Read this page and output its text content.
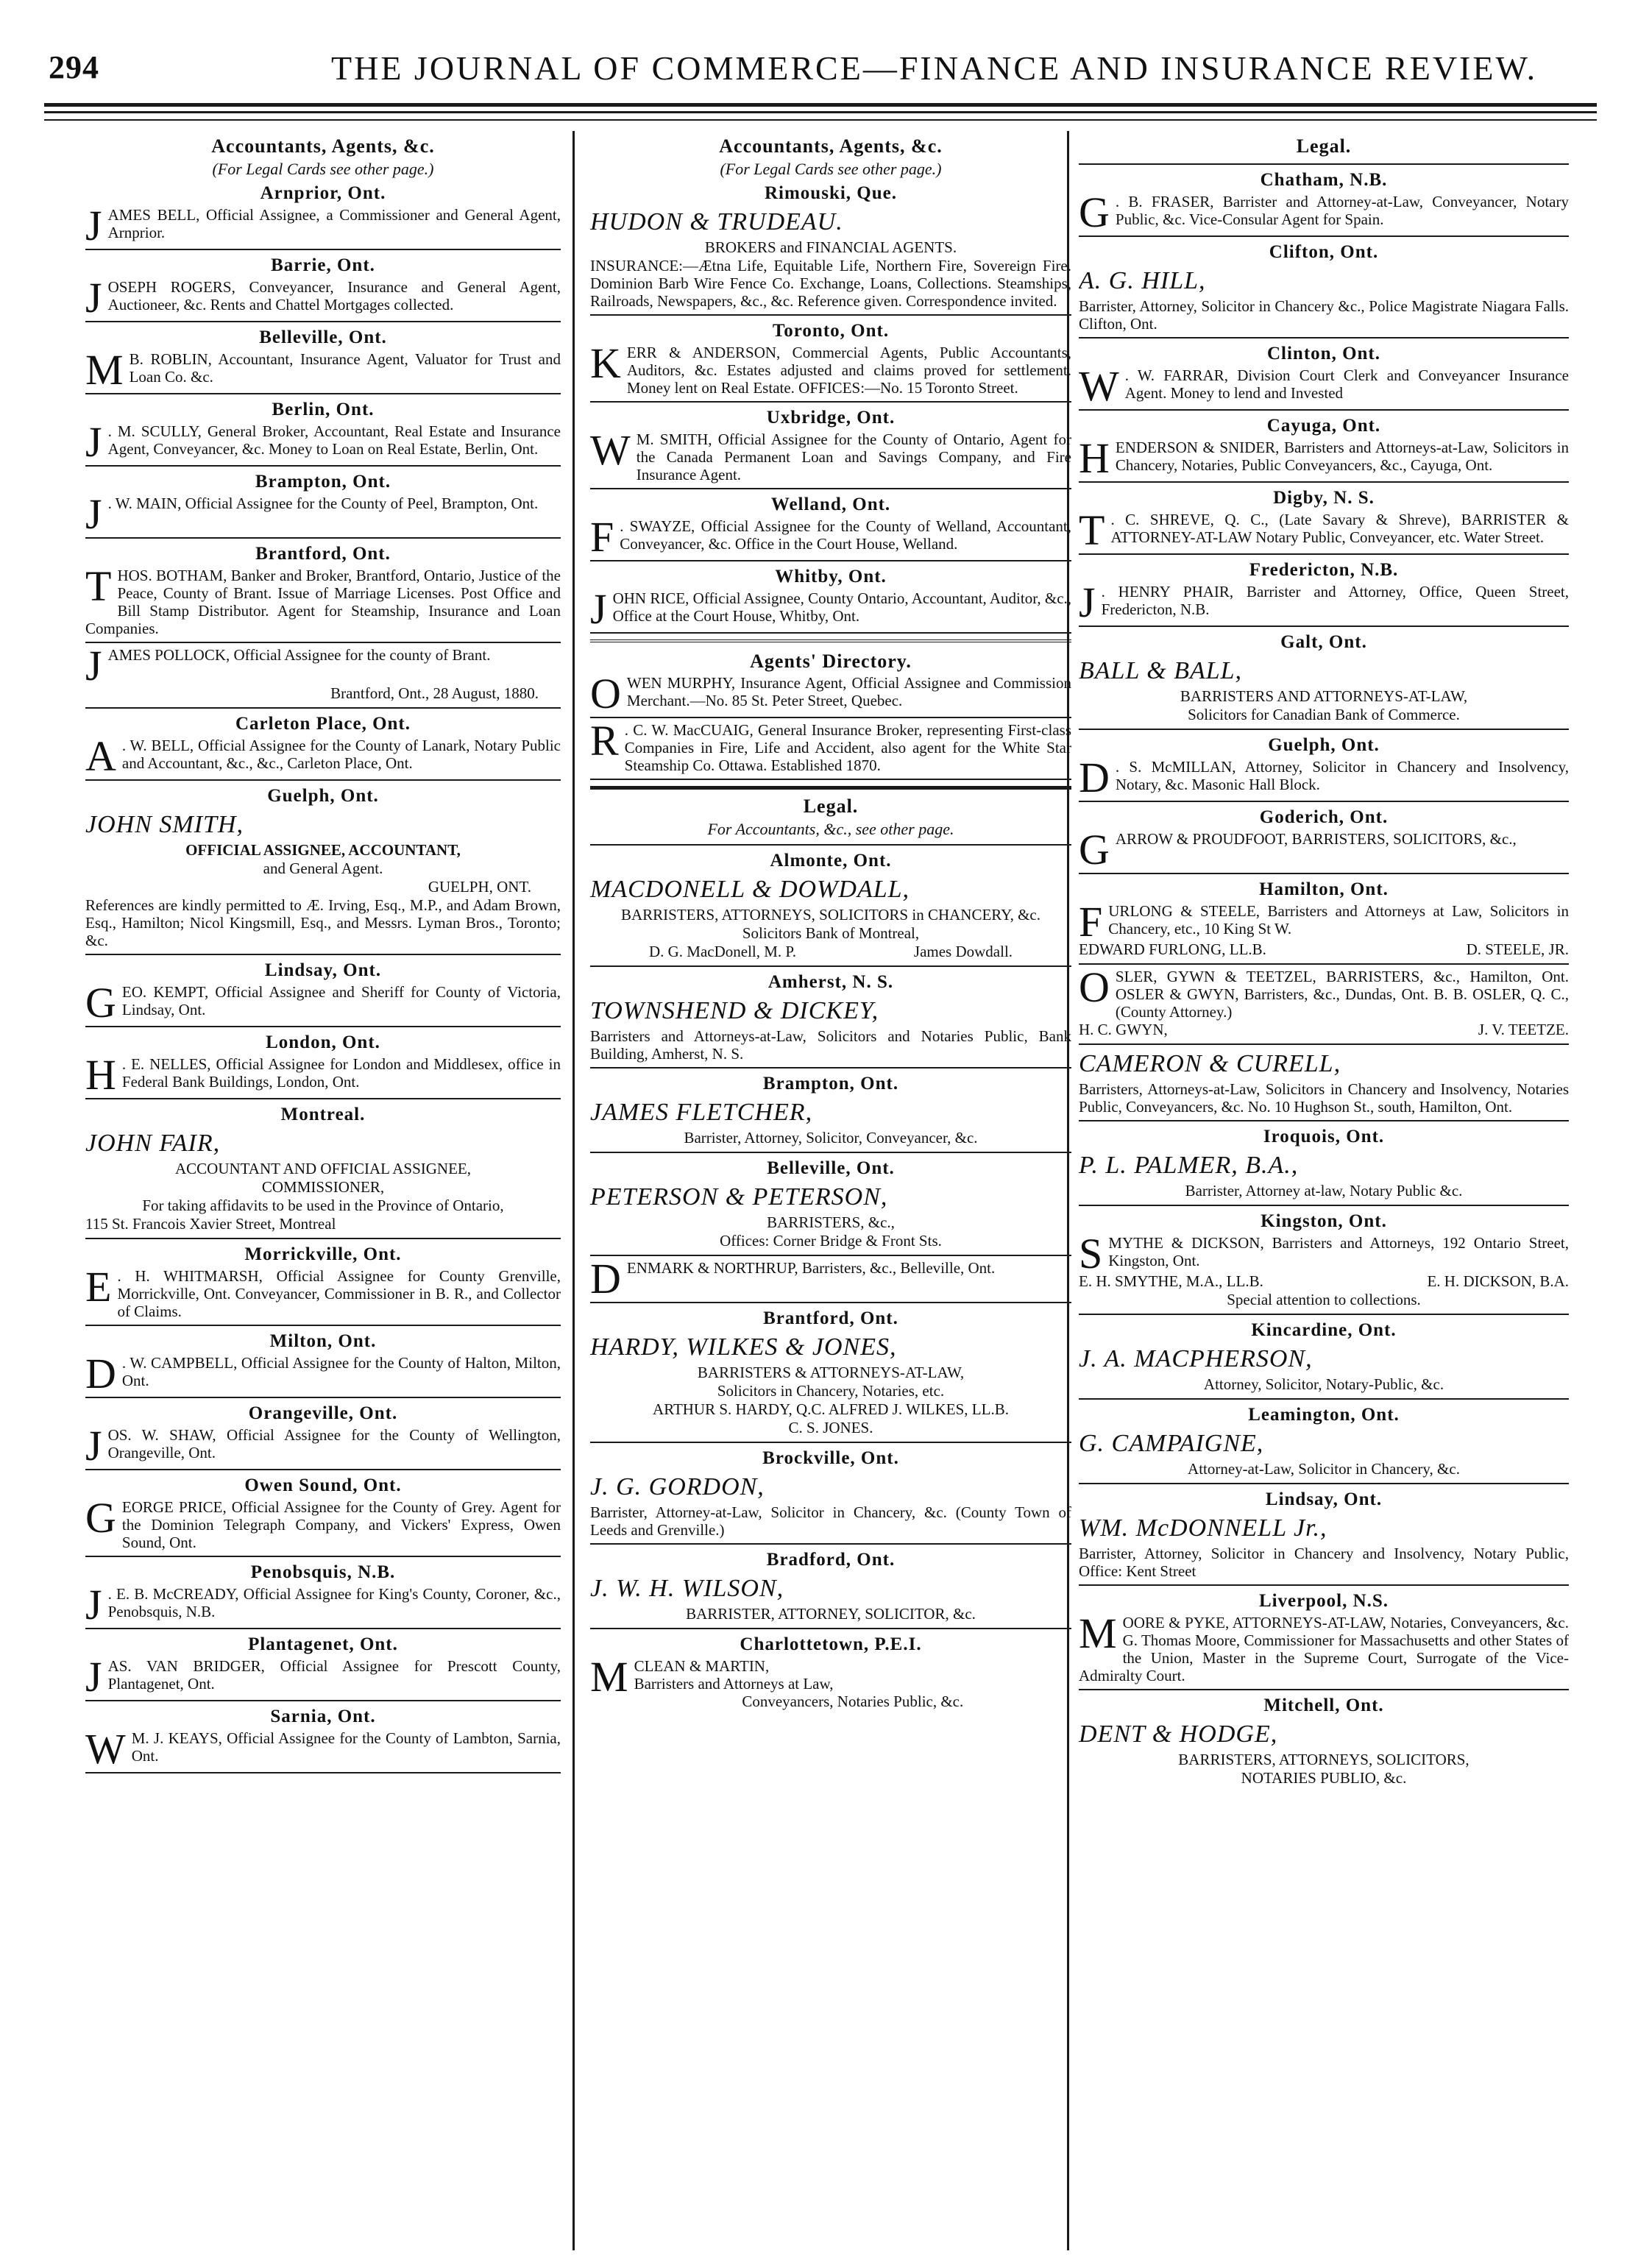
294	THE JOURNAL OF COMMERCE—FINANCE AND INSURANCE REVIEW.
Accountants, Agents, &c.
(For Legal Cards see other page.)
Arnprior, Ont.
JAMES BELL, Official Assignee, a Commissioner and General Agent, Arnprior.
Barrie, Ont.
JOSEPH ROGERS, Conveyancer, Insurance and General Agent, Auctioneer, &c. Rents and Chattel Mortgages collected.
Belleville, Ont.
M B. ROBLIN, Accountant, Insurance Agent, Valuator for Trust and Loan Co. &c.
Berlin, Ont.
J . M. SCULLY, General Broker, Accountant, Real Estate and Insurance Agent, Conveyancer, &c. Money to Loan on Real Estate, Berlin, Ont.
Brampton, Ont.
J . W. MAIN, Official Assignee for the County of Peel, Brampton, Ont.
Brantford, Ont.
THOS. BOTHAM, Banker and Broker, Brantford, Ontario, Justice of the Peace, County of Brant. Issue of Marriage Licenses. Post Office and Bill Stamp Distributor. Agent for Steamship, Insurance and Loan Companies.
JAMES POLLOCK, Official Assignee for the county of Brant.
Brantford, Ont., 28 August, 1880.
Carleton Place, Ont.
A . W. BELL, Official Assignee for the County of Lanark, Notary Public and Accountant, &c., &c., Carleton Place, Ont.
Guelph, Ont.
JOHN SMITH,
OFFICIAL ASSIGNEE, ACCOUNTANT,
and General Agent.
GUELPH, ONT.
References are kindly permitted to Æ. Irving, Esq., M.P., and Adam Brown, Esq., Hamilton; Nicol Kingsmill, Esq., and Messrs. Lyman Bros., Toronto; &c.
Lindsay, Ont.
GEO. KEMPT, Official Assignee and Sheriff for County of Victoria, Lindsay, Ont.
London, Ont.
H . E. NELLES, Official Assignee for London and Middlesex, office in Federal Bank Buildings, London, Ont.
Montreal.
JOHN FAIR,
ACCOUNTANT AND OFFICIAL ASSIGNEE,
COMMISSIONER,
For taking affidavits to be used in the Province of Ontario,
115 St. Francois Xavier Street, Montreal
Morrickville, Ont.
E . H. WHITMARSH, Official Assignee for County Grenville, Morrickville, Ont. Conveyancer, Commissioner in B. R., and Collector of Claims.
Milton, Ont.
D . W. CAMPBELL, Official Assignee for the County of Halton, Milton, Ont.
Orangeville, Ont.
JOS. W. SHAW, Official Assignee for the County of Wellington, Orangeville, Ont.
Owen Sound, Ont.
GEORGE PRICE, Official Assignee for the County of Grey. Agent for the Dominion Telegraph Company, and Vickers' Express, Owen Sound, Ont.
Penobsquis, N.B.
J . E. B. McCREADY, Official Assignee for King's County, Coroner, &c., Penobsquis, N.B.
Plantagenet, Ont.
JAS. VAN BRIDGER, Official Assignee for Prescott County, Plantagenet, Ont.
Sarnia, Ont.
W M. J. KEAYS, Official Assignee for the County of Lambton, Sarnia, Ont.
Accountants, Agents, &c.
(For Legal Cards see other page.)
Rimouski, Que.
HUDON & TRUDEAU.
BROKERS and FINANCIAL AGENTS.
INSURANCE:—Ætna Life, Equitable Life, Northern Fire, Sovereign Fire. Dominion Barb Wire Fence Co. Exchange, Loans, Collections. Steamships, Railroads, Newspapers, &c., &c. Reference given. Correspondence invited.
Toronto, Ont.
KERR & ANDERSON, Commercial Agents, Public Accountants, Auditors, &c. Estates adjusted and claims proved for settlement. Money lent on Real Estate. OFFICES:—No. 15 Toronto Street.
Uxbridge, Ont.
W M. SMITH, Official Assignee for the County of Ontario, Agent for the Canada Permanent Loan and Savings Company, and Fire Insurance Agent.
Welland, Ont.
F . SWAYZE, Official Assignee for the County of Welland, Accountant, Conveyancer, &c. Office in the Court House, Welland.
Whitby, Ont.
JOHN RICE, Official Assignee, County Ontario, Accountant, Auditor, &c., Office at the Court House, Whitby, Ont.
Agents' Directory.
OWEN MURPHY, Insurance Agent, Official Assignee and Commission Merchant.—No. 85 St. Peter Street, Quebec.
R . C. W. MacCUAIG, General Insurance Broker, representing First-class Companies in Fire, Life and Accident, also agent for the White Star Steamship Co. Ottawa. Established 1870.
Legal.
For Accountants, &c., see other page.
Almonte, Ont.
MACDONELL & DOWDALL,
BARRISTERS, ATTORNEYS, SOLICITORS in CHANCERY, &c. Solicitors Bank of Montreal,
D. G. MacDonell, M. P.	James Dowdall.
Amherst, N. S.
TOWNSHEND & DICKEY,
Barristers and Attorneys-at-Law, Solicitors and Notaries Public, Bank Building, Amherst, N. S.
Brampton, Ont.
JAMES FLETCHER,
Barrister, Attorney, Solicitor, Conveyancer, &c.
Belleville, Ont.
PETERSON & PETERSON,
BARRISTERS, &c.,
Offices: Corner Bridge & Front Sts.
DENMARK & NORTHRUP, Barristers, &c., Belleville, Ont.
Brantford, Ont.
HARDY, WILKES & JONES,
BARRISTERS & ATTORNEYS-AT-LAW,
Solicitors in Chancery, Notaries, etc.
ARTHUR S. HARDY, Q.C. ALFRED J. WILKES, LL.B.
C. S. JONES.
Brockville, Ont.
J. G. GORDON,
Barrister, Attorney-at-Law, Solicitor in Chancery, &c. (County Town of Leeds and Grenville.)
Bradford, Ont.
J. W. H. WILSON,
BARRISTER, ATTORNEY, SOLICITOR, &c.
Charlottetown, P.E.I.
M CLEAN & MARTIN,
Barristers and Attorneys at Law,
Conveyancers, Notaries Public, &c.
Legal.
Chatham, N.B.
G . B. FRASER, Barrister and Attorney-at-Law, Conveyancer, Notary Public, &c. Vice-Consular Agent for Spain.
Clifton, Ont.
A. G. HILL,
Barrister, Attorney, Solicitor in Chancery &c., Police Magistrate Niagara Falls. Clifton, Ont.
Clinton, Ont.
W . W. FARRAR, Division Court Clerk and Conveyancer Insurance Agent. Money to lend and Invested
Cayuga, Ont.
HENDERSON & SNIDER, Barristers and Attorneys-at-Law, Solicitors in Chancery, Notaries, Public Conveyancers, &c., Cayuga, Ont.
Digby, N. S.
T . C. SHREVE, Q. C., (Late Savary & Shreve), BARRISTER & ATTORNEY-AT-LAW Notary Public, Conveyancer, etc. Water Street.
Fredericton, N.B.
J . HENRY PHAIR, Barrister and Attorney, Office, Queen Street, Fredericton, N.B.
Galt, Ont.
BALL & BALL,
BARRISTERS AND ATTORNEYS-AT-LAW,
Solicitors for Canadian Bank of Commerce.
Guelph, Ont.
D . S. McMILLAN, Attorney, Solicitor in Chancery and Insolvency, Notary, &c. Masonic Hall Block.
Goderich, Ont.
GARROW & PROUDFOOT, BARRISTERS, SOLICITORS, &c.,
Hamilton, Ont.
FURLONG & STEELE, Barristers and Attorneys at Law, Solicitors in Chancery, etc., 10 King St W.
EDWARD FURLONG, LL.B.	D. STEELE, JR.
OSLER, GYWN & TEETZEL, BARRISTERS, &c., Hamilton, Ont. OSLER & GWYN, Barristers, &c., Dundas, Ont. B. B. OSLER, Q. C., (County Attorney.)
H. C. GWYN,	J. V. TEETZE.
CAMERON & CURELL,
Barristers, Attorneys-at-Law, Solicitors in Chancery and Insolvency, Notaries Public, Conveyancers, &c. No. 10 Hughson St., south, Hamilton, Ont.
Iroquois, Ont.
P. L. PALMER, B.A.,
Barrister, Attorney at-law, Notary Public &c.
Kingston, Ont.
SMYTHE & DICKSON, Barristers and Attorneys, 192 Ontario Street, Kingston, Ont.
E. H. SMYTHE, M.A., LL.B.	E. H. DICKSON, B.A.
Special attention to collections.
Kincardine, Ont.
J. A. MACPHERSON,
Attorney, Solicitor, Notary-Public, &c.
Leamington, Ont.
G. CAMPAIGNE,
Attorney-at-Law, Solicitor in Chancery, &c.
Lindsay, Ont.
WM. McDONNELL Jr.,
Barrister, Attorney, Solicitor in Chancery and Insolvency, Notary Public, Office: Kent Street
Liverpool, N.S.
MOORE & PYKE, ATTORNEYS-AT-LAW, Notaries, Conveyancers, &c. G. Thomas Moore, Commissioner for Massachusetts and other States of the Union, Master in the Supreme Court, Surrogate of the Vice-Admiralty Court.
Mitchell, Ont.
DENT & HODGE,
BARRISTERS, ATTORNEYS, SOLICITORS,
NOTARIES PUBLIO, &c.
